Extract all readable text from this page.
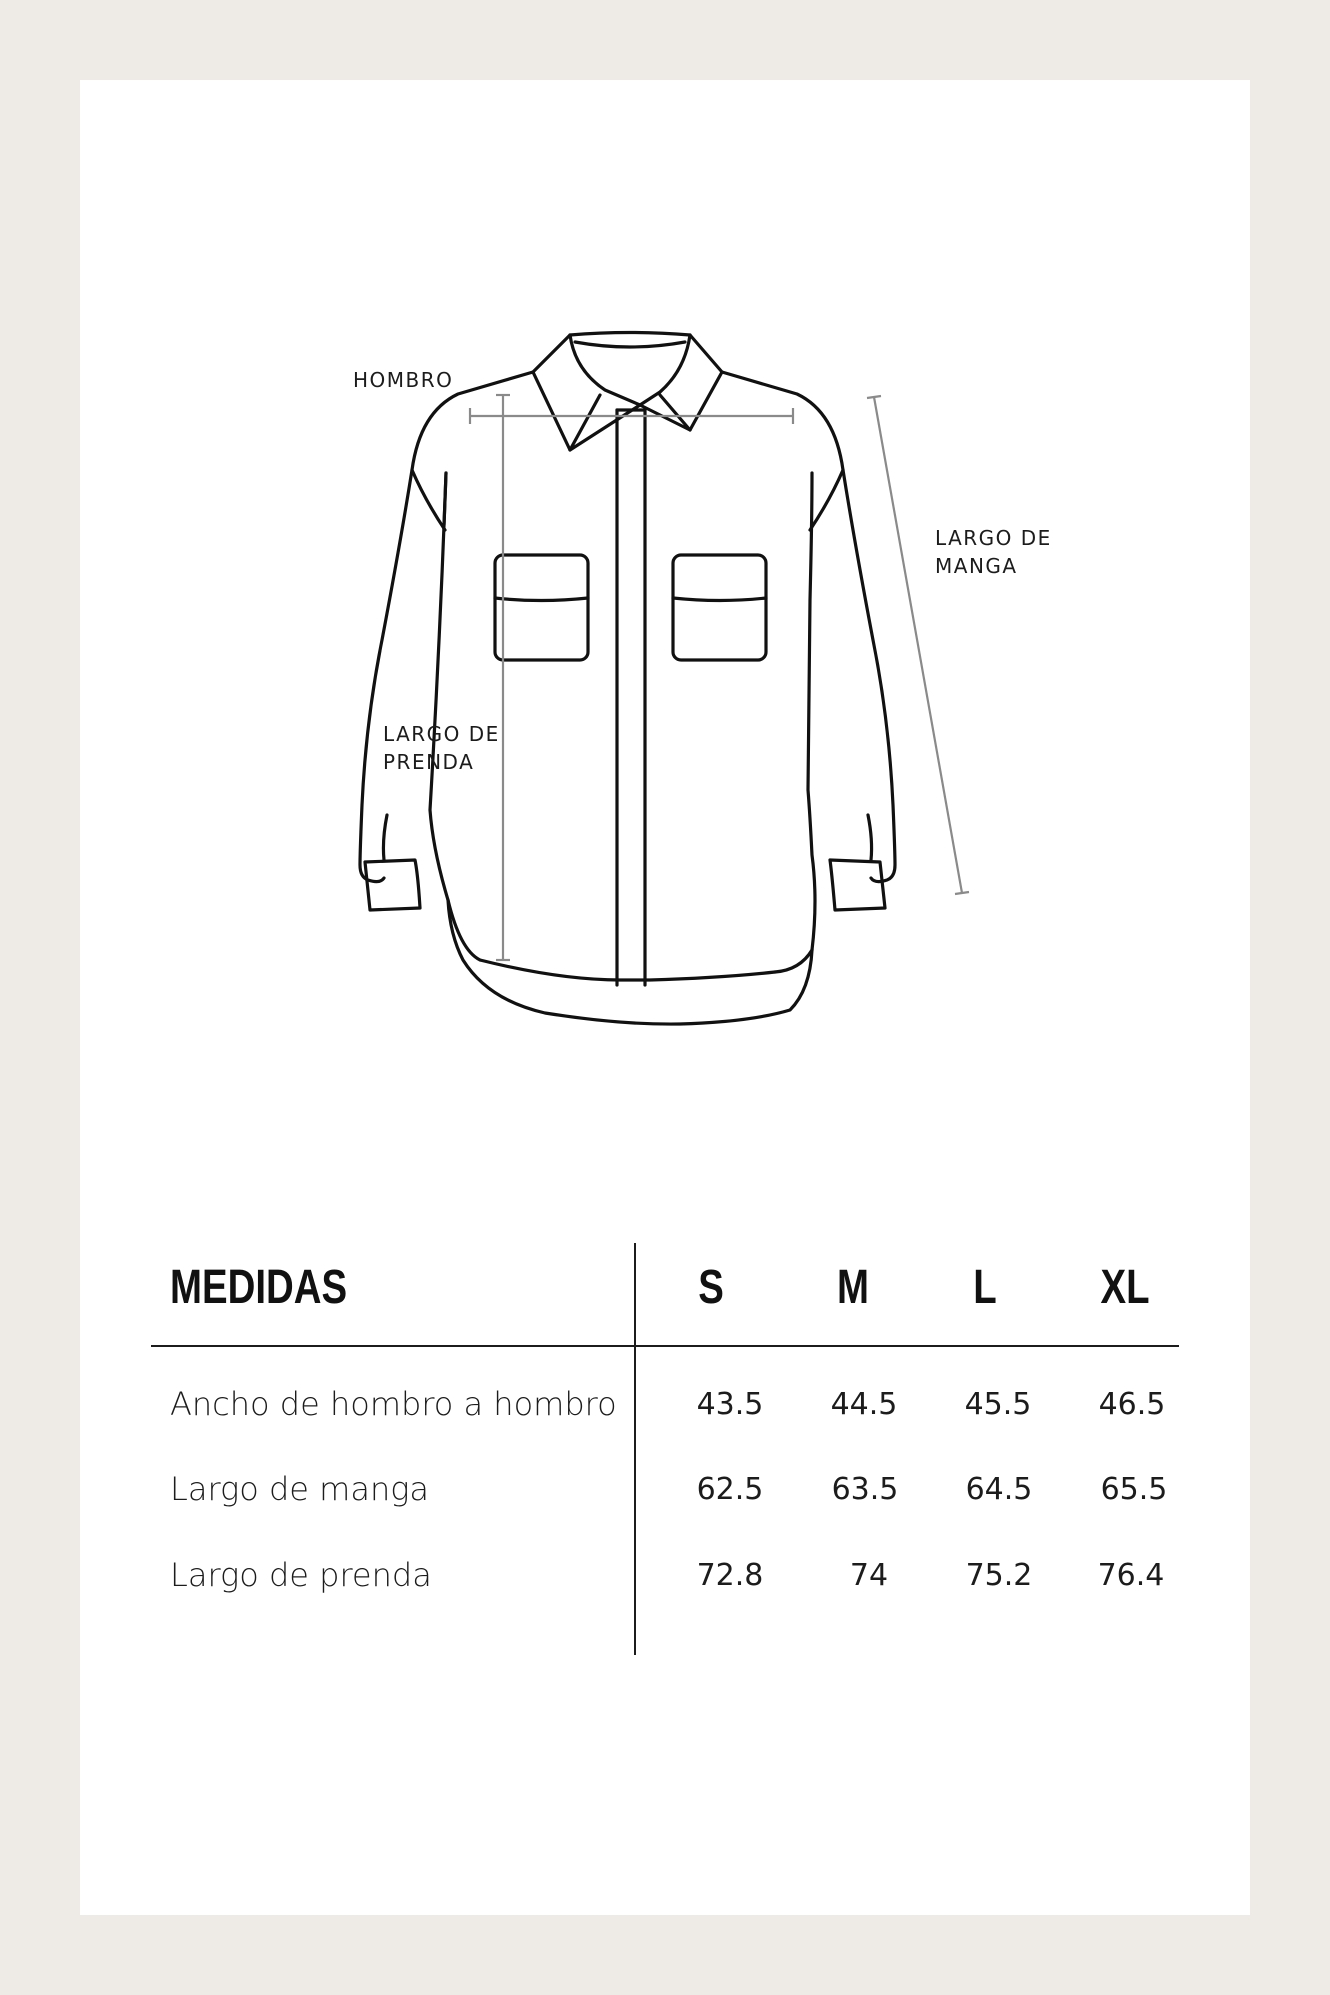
HOMBRO
LARGO DE
MANGA
LARGO DE
PRENDA
MEDIDAS	S	M	L	XL
Ancho de hombro a hombro	43.5	44.5	45.5	46.5
Largo de manga	62.5	63.5	64.5	65.5
Largo de prenda	72.8	74	75.2	76.4
